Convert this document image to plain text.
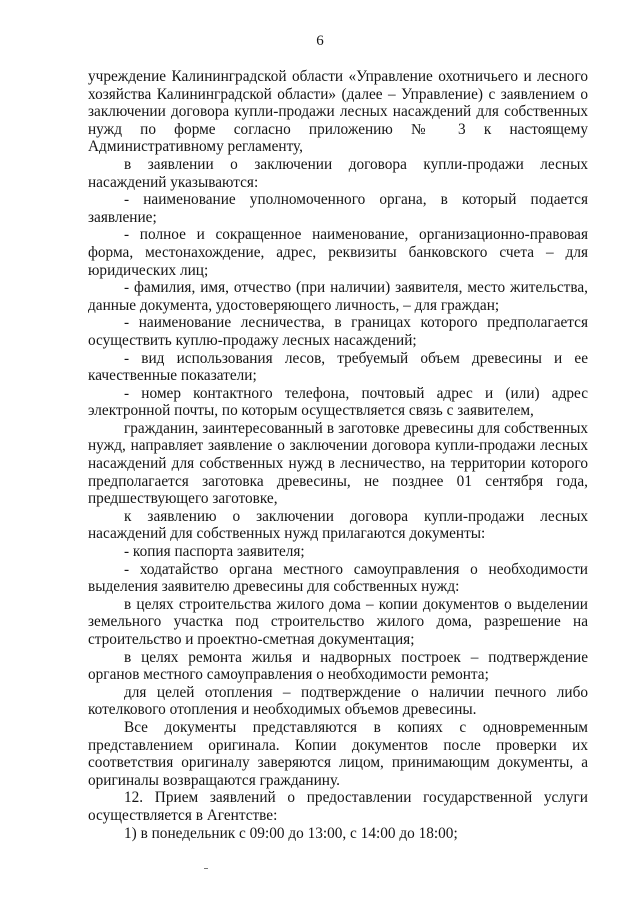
6

учреждение Калининградской области «Управление охотничьего и лесного хозяйства Калининградской области» (далее – Управление) с заявлением о заключении договора купли-продажи лесных насаждений для собственных нужд по форме согласно приложению № 3 к настоящему Административному регламенту,

в заявлении о заключении договора купли-продажи лесных насаждений указываются:

- наименование уполномоченного органа, в который подается заявление;

- полное и сокращенное наименование, организационно-правовая форма, местонахождение, адрес, реквизиты банковского счета – для юридических лиц;

- фамилия, имя, отчество (при наличии) заявителя, место жительства, данные документа, удостоверяющего личность, – для граждан;

- наименование лесничества, в границах которого предполагается осуществить куплю-продажу лесных насаждений;

- вид использования лесов, требуемый объем древесины и ее качественные показатели;

- номер контактного телефона, почтовый адрес и (или) адрес электронной почты, по которым осуществляется связь с заявителем,

гражданин, заинтересованный в заготовке древесины для собственных нужд, направляет заявление о заключении договора купли-продажи лесных насаждений для собственных нужд в лесничество, на территории которого предполагается заготовка древесины, не позднее 01 сентября года, предшествующего заготовке,

к заявлению о заключении договора купли-продажи лесных насаждений для собственных нужд прилагаются документы:

- копия паспорта заявителя;

- ходатайство органа местного самоуправления о необходимости выделения заявителю древесины для собственных нужд:

в целях строительства жилого дома – копии документов о выделении земельного участка под строительство жилого дома, разрешение на строительство и проектно-сметная документация;

в целях ремонта жилья и надворных построек – подтверждение органов местного самоуправления о необходимости ремонта;

для целей отопления – подтверждение о наличии печного либо котелкового отопления и необходимых объемов древесины.

Все документы представляются в копиях с одновременным представлением оригинала. Копии документов после проверки их соответствия оригиналу заверяются лицом, принимающим документы, а оригиналы возвращаются гражданину.

12. Прием заявлений о предоставлении государственной услуги осуществляется в Агентстве:

1) в понедельник с 09:00 до 13:00, с 14:00 до 18:00;
